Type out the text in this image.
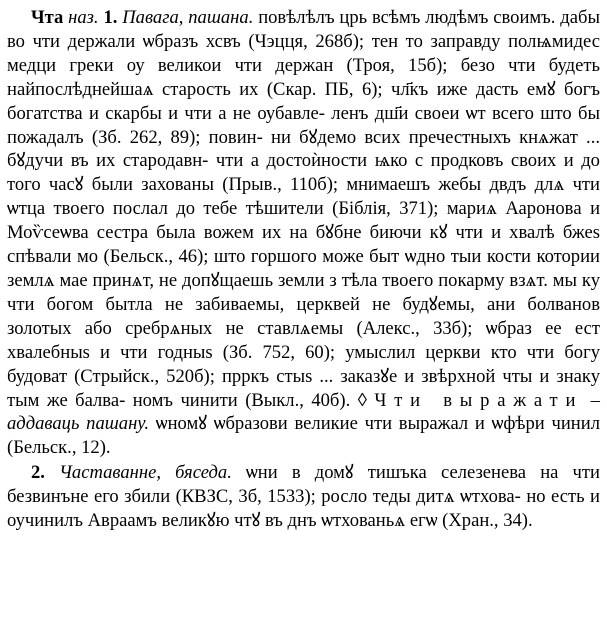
Чта наз. 1. Павага, пашана. повѣлѣлъ црь всѣмъ людѣмъ своимъ. дабы во чти держали ѡбразъ хсвъ (Чэцця, 268б); тен то заправду полѩмидес медци греки оу великои чти держан (Троя, 15б); безо чти будеть найпослѣднейшаѧ старость их (Скар. ПБ, 6); чл҃къ иже дасть емꙋ богъ богатства и скарбы и чти а не оубавле- ленъ дш҃и своеи ѡт всего што бы пожадалъ (Зб. 262, 89); повин- ни бꙋдемо всих пречестныхъ кнѧжат ... бꙋдучи въ их стародавн- чти а достоѝности ѩко с продковъ своих и до того часꙋ были захованы (Прыв., 110б); мнимаешъ жебы двдъ длѧ чти ѡтца твоего послал до тебе тѣшители (Біблія, 371); мариѧ Аароновa и Моѷсеѡва сестра была вожем их на бꙋбне биючи кꙋ чти и хвалѣ бжеs спѣвали мо (Бельск., 46); што горшого може быт ѡдно тыи кости котории землѧ мае принѧт, не допꙋщаешь земли з тѣла твоего покарму взѧт. мы ку чти богом бытла не забиваемы, церквей не будꙋемы, ани болванов золотых або сребрѧных не ставлѧемы (Алекс., 33б); ѡбраз ее ест хвалебныs и чти годныs (Зб. 752, 60); умыслил церкви кто чти богу будоват (Стрыйск., 520б); прркъ стыs ... заказꙋе и звѣрхной чты и знаку тым же балва- номъ чинити (Выкл., 40б). ◊ Чти выражати – аддаваць пашану. ѡномꙋ ѡбразови великие чти выражал и ѡфѣри чинил (Бельск., 12).

2. Частаванне, бяседа. ѡни в домꙋ тишъка селезенева на чти безвинъне его збили (КВЗС, 3б, 1533); росло теды дитѧ ѡтхова- но есть и оучинилъ Авраамъ великꙋю чтꙋ въ днъ ѡтхованьѧ егѡ (Хран., 34).
